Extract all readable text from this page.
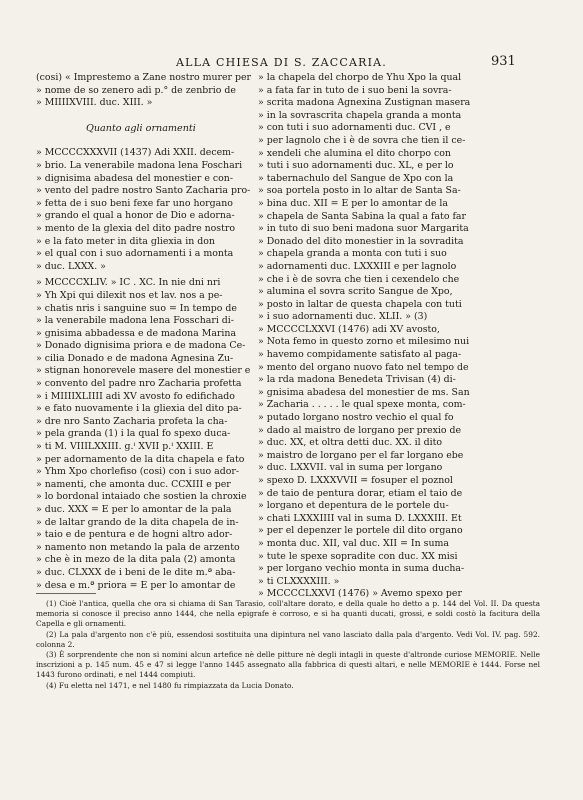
ALLA CHIESA DI S. ZACCARIA.	931

(cosi) « Imprestemo a Zane nostro murer per

» nome de so zenero adi p.° de zenbrio de

» MIIIIXVIII. duc. XIII. »

Quanto agli ornamenti

» MCCCCXXXVII (1437) Adi XXII. decem-

» brio. La venerabile madona lena Foschari

» dignisima abadesa del monestier e con-

» vento del padre nostro Santo Zacharia pro-

» fetta de i suo beni fexe far uno horgano

» grando el qual a honor de Dio e adorna-

» mento de la glexia del dito padre nostro

» e la fato meter in dita gliexia in don

» el qual con i suo adornamenti i a monta

» duc. LXXX. »

» MCCCCXLIV. » IC . XC. In nie dni nri

» Yh Xpi qui dilexit nos et lav. nos a pe-

» chatis nris i sanguine suo = In tempo de

» la venerabile madona lena Fosschari di-

» gnisima abbadessa e de madona Marina

» Donado dignisima priora e de madona Ce-

» cilia Donado e de madona Agnesina Zu-

» stignan honorevele masere del monestier e

» convento del padre nro Zacharia profetta

» i MIIIIXLIIII adi XV avosto fo edifichado

» e fato nuovamente i la gliexia del dito pa-

» dre nro Santo Zacharia profeta la cha-

» pela granda (1) i la qual fo spexo duca-

» ti M. VIIILXXIII. g.ⁱ XVII p.ⁱ XXIII. E

» per adornamento de la dita chapela e fato

» Yhm Xpo chorlefiso (cosi) con i suo ador-

» namenti, che amonta duc. CCXIII e per

» lo bordonal intaiado che sostien la chroxie

» duc. XXX = E per lo amontar de la pala

» de laltar grando de la dita chapela de in-

» taio e de pentura e de hogni altro ador-

» namento non metando la pala de arzento

» che è in mezo de la dita pala (2) amonta

» duc. CLXXX de i beni de le dite m.ª aba-

» desa e m.ª priora = E per lo amontar de

» la chapela del chorpo de Yhu Xpo la qual

» a fata far in tuto de i suo beni la sovra-

» scrita madona Agnexina Zustignan masera

» in la sovrascrita chapela granda a monta

» con tuti i suo adornamenti duc. CVI , e

» per lagnolo che i è de sovra che tien il ce-

» xendeli che alumina el dito chorpo con

» tuti i suo adornamenti duc. XL, e per lo

» tabernachulo del Sangue de Xpo con la

» soa portela posto in lo altar de Santa Sa-

» bina duc. XII = E per lo amontar de la

» chapela de Santa Sabina la qual a fato far

» in tuto di suo beni madona suor Margarita

» Donado del dito monestier in la sovradita

» chapela granda a monta con tuti i suo

» adornamenti duc. LXXXIII e per lagnolo

» che i è de sovra che tien i cexendelo che

» alumina el sovra scrito Sangue de Xpo,

» posto in laltar de questa chapela con tuti

» i suo adornamenti duc. XLII. » (3)

» MCCCCLXXVI (1476) adi XV avosto,

» Nota femo in questo zorno et milesimo nui

» havemo compidamente satisfato al paga-

» mento del organo nuovo fato nel tempo de

» la rda madona Benedeta Trivisan (4) di-

» gnisima abadesa del monestier de ms. San

» Zacharia . . . . . le qual spexe monta, com-

» putado lorgano nostro vechio el qual fo

» dado al maistro de lorgano per prexio de

» duc. XX, et oltra detti duc. XX. il dito

» maistro de lorgano per el far lorgano ebe

» duc. LXXVII. val in suma per lorgano

» spexo D. LXXXVVII = fosuper el poznol

» de taio de pentura dorar, etiam el taio de

» lorgano et depentura de le portele du-

» chati LXXXIIII val in suma D. LXXXIII. Et

» per el depenzer le portele dil dito organo

» monta duc. XII, val duc. XII = In suma

» tute le spexe sopradite con duc. XX misi

» per lorgano vechio monta in suma ducha-

» ti CLXXXXIII. »

» MCCCCLXXVI (1476) » Avemo spexo per

(1) Cioè l'antica, quella che ora si chiama di San Tarasio, coll'altare dorato, e della quale ho detto a p. 144 del Vol. II. Da questa memoria si conosce il preciso anno 1444, che nella epigrafe è corroso, e si ha quanti ducati, grossi, e soldi costò la facitura della Capella e gli ornamenti.

(2) La pala d'argento non c'è più, essendosi sostituita una dipintura nel vano lasciato dalla pala d'argento. Vedi Vol. IV. pag. 592. colonna 2.

(3) È sorprendente che non si nomini alcun artefice nè delle pitture nè degli intagli in queste d'altronde curiose MEMORIE. Nelle inscrizioni a p. 145 num. 45 e 47 si legge l'anno 1445 assegnato alla fabbrica di questi altari, e nelle MEMORIE è 1444. Forse nel 1443 furono ordinati, e nel 1444 compiuti.

(4) Fu eletta nel 1471, e nel 1480 fu rimpiazzata da Lucia Donato.
